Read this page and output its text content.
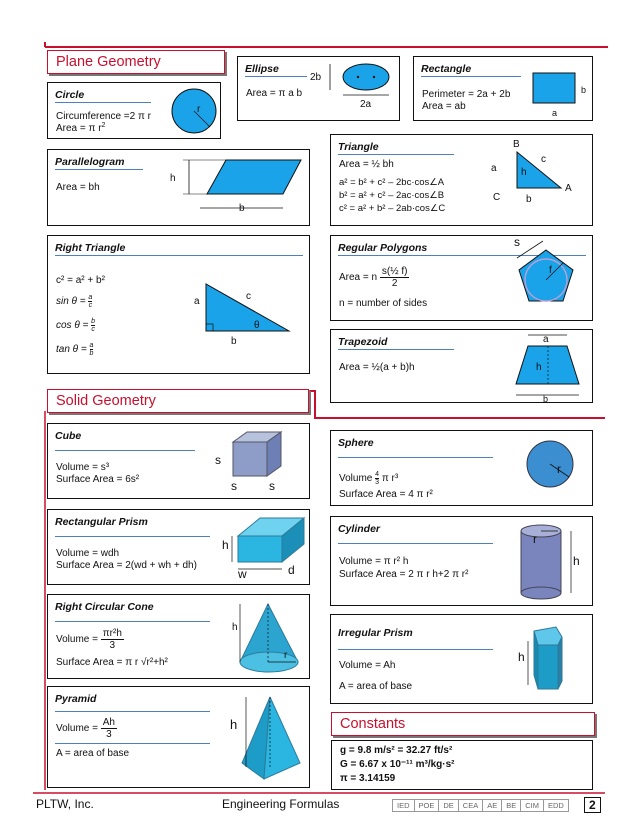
Plane Geometry
Solid Geometry
Constants
Circle
Circumference =2 π r
Area = π $r^2$
r
Ellipse
Area = π a b
2b
2a
Rectangle
Perimeter = 2a + 2b
Area = ab
a
b
Parallelogram
Area = bh
h
b
Triangle
Area = ½ bh
a² = b² + c² – 2bc·cos∠A
b² = a² + c² – 2ac·cos∠B
c² = a² + b² – 2ab·cos∠C
B
c
a h
C	b
A
Right Triangle
c² = a² + b²
$\sin \theta = \frac{a}{c}$
$\cos \theta = \frac{b}{c}$
$\tan \theta = \frac{a}{b}$
a	c
θ
b
Regular Polygons
Area = n $\frac{\text{s(½ f)}}{2}$
n = number of sides
s
f
Trapezoid
Area = ½(a + b)h
a
h
b
Cube
Volume = s³
Surface Area = 6s²
s
s	s
Sphere
Volume $\frac{4}{3}$ π r³
Surface Area = 4 π r²
r
Rectangular Prism
Volume = wdh
Surface Area = 2(wd + wh + dh)
h
w	d
Cylinder
Volume = π r² h
Surface Area = 2 π r h+2 π r²
r
h
Right Circular Cone
Volume = $\frac{\text{πr²h}}{3}$
Surface Area = π r √r²+h²
h
r
Irregular Prism
Volume = Ah
A = area of base
h
Pyramid
Volume = $\frac{Ah}{3}$
A = area of base
h
g = 9.8 m/s² = 32.27 ft/s²
G = 6.67 x 10⁻¹¹ m³/kg·s²
π = 3.14159
PLTW, Inc.	Engineering Formulas	IED POE DE CEA AE BE CIM EDD	2
